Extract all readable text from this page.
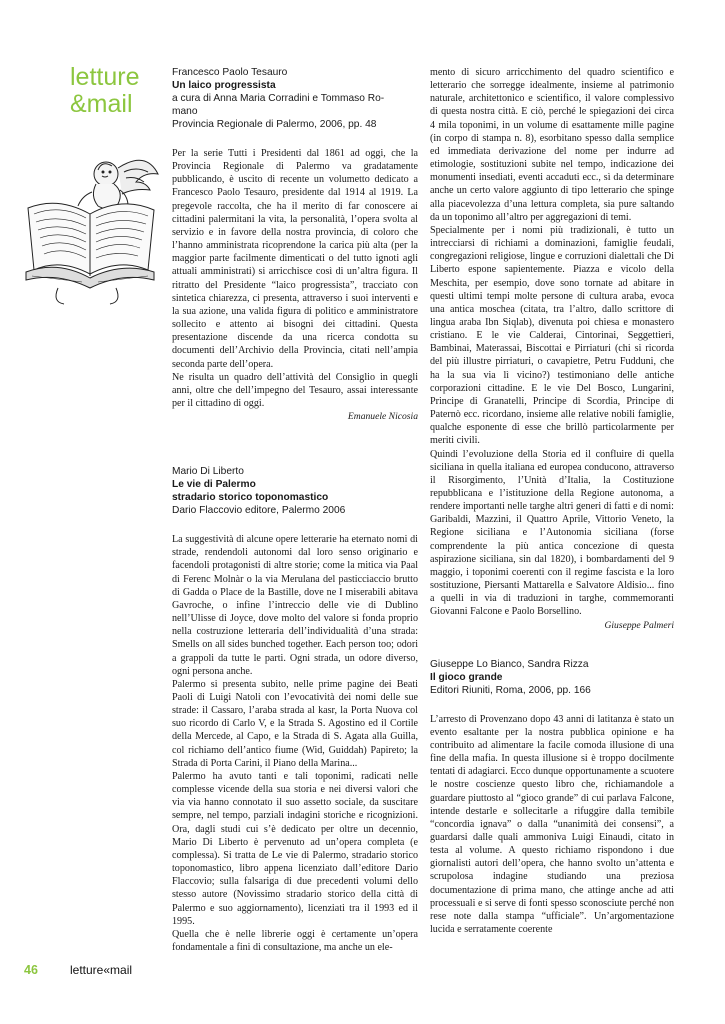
letture
&mail
Francesco Paolo Tesauro
Un laico progressista
a cura di Anna Maria Corradini e Tommaso Ro-
mano
Provincia Regionale di Palermo, 2006, pp. 48

Per la serie Tutti i Presidenti dal 1861 ad oggi, che la Provincia Regionale di Palermo va gradatamente pubblicando, è uscito di recente un volumetto dedicato a Francesco Paolo Tesauro, presidente dal 1914 al 1919. La pregevole raccolta, che ha il merito di far conoscere ai cittadini palermitani la vita, la personalità, l’opera svolta al servizio e in favore della nostra provincia, di coloro che l’hanno amministrata ricoprendone la carica più alta (per la maggior parte facilmente dimenticati o del tutto ignoti agli attuali amministrati) si arricchisce così di un’altra figura. Il ritratto del Presidente “laico progressista”, tracciato con sintetica chiarezza, ci presenta, attraverso i suoi interventi e la sua azione, una valida figura di politico e amministratore sollecito e attento ai bisogni dei cittadini. Questa presentazione discende da una ricerca condotta su documenti dell’Archivio della Provincia, citati nell’ampia seconda parte dell’opera.

Ne risulta un quadro dell’attività del Consiglio in quegli anni, oltre che dell’impegno del Tesauro, assai interessante per il cittadino di oggi.

Emanuele Nicosia
Mario Di Liberto
Le vie di Palermo
stradario storico toponomastico
Dario Flaccovio editore, Palermo 2006

La suggestività di alcune opere letterarie ha eternato nomi di strade, rendendoli autonomi dal loro senso originario e facendoli protagonisti di altre storie; come la mitica via Paal di Ferenc Molnàr o la via Merulana del pasticciaccio brutto di Gadda o Place de la Bastille, dove ne I miserabili abitava Gavroche, o infine l’intreccio delle vie di Dublino nell’Ulisse di Joyce, dove molto del valore si fonda proprio nella costruzione letteraria dell’individualità d’una strada: Smells on all sides bunched together. Each person too; odori a grappoli da tutte le parti. Ogni strada, un odore diverso, ogni persona anche.

Palermo si presenta subito, nelle prime pagine dei Beati Paoli di Luigi Natoli con l’evocatività dei nomi delle sue strade: il Cassaro, l’araba strada al kasr, la Porta Nuova col suo ricordo di Carlo V, e la Strada S. Agostino ed il Cortile della Mercede, al Capo, e la Strada di S. Agata alla Guilla, col richiamo dell’antico fiume (Wid, Guiddah) Papireto; la Strada di Porta Carini, il Piano della Marina...

Palermo ha avuto tanti e tali toponimi, radicati nelle complesse vicende della sua storia e nei diversi valori che via via hanno connotato il suo assetto sociale, da suscitare sempre, nel tempo, parziali indagini storiche e ricognizioni. Ora, dagli studi cui s’è dedicato per oltre un decennio, Mario Di Liberto è pervenuto ad un’opera completa (e complessa). Si tratta de Le vie di Palermo, stradario storico toponomastico, libro appena licenziato dall’editore Dario Flaccovio; sulla falsariga di due precedenti volumi dello stesso autore (Novissimo stradario storico della città di Palermo e suo aggiornamento), licenziati tra il 1993 ed il 1995.

Quella che è nelle librerie oggi è certamente un’opera fondamentale a fini di consultazione, ma anche un ele-

mento di sicuro arricchimento del quadro scientifico e letterario che sorregge idealmente, insieme al patrimonio naturale, architettonico e scientifico, il valore complessivo di questa nostra città. E ciò, perché le spiegazioni dei circa 4 mila toponimi, in un volume di esattamente mille pagine (in corpo di stampa n. 8), esorbitano spesso dalla semplice ed immediata derivazione del nome per indurre ad etimologie, sostituzioni subite nel tempo, indicazione dei monumenti insediati, eventi accaduti ecc., sì da determinare anche un certo valore aggiunto di tipo letterario che spinge alla piacevolezza d’una lettura completa, sia pure saltando da un toponimo all’altro per aggregazioni di temi.

Specialmente per i nomi più tradizionali, è tutto un intrecciarsi di richiami a dominazioni, famiglie feudali, congregazioni religiose, lingue e corruzioni dialettali che Di Liberto espone sapientemente. Piazza e vicolo della Meschita, per esempio, dove sono tornate ad abitare in questi ultimi tempi molte persone di cultura araba, evoca una antica moschea (citata, tra l’altro, dallo scrittore di lingua araba Ibn Siqlab), divenuta poi chiesa e monastero cristiano. E le vie Calderai, Cintorinai, Seggettieri, Bambinai, Materassai, Biscottai e Pirriaturi (chi si ricorda del più illustre pirriaturi, o cavapietre, Petru Fudduni, che ha la sua via lì vicino?) testimoniano delle antiche corporazioni cittadine. E le vie Del Bosco, Lungarini, Principe di Granatelli, Principe di Scordia, Principe di Paternò ecc. ricordano, insieme alle relative nobili famiglie, qualche esponente di esse che brillò particolarmente per meriti civili.

Quindi l’evoluzione della Storia ed il confluire di quella siciliana in quella italiana ed europea conducono, attraverso il Risorgimento, l’Unità d’Italia, la Costituzione repubblicana e l’istituzione della Regione autonoma, a rendere importanti nelle targhe altri generi di fatti e di nomi: Garibaldi, Mazzini, il Quattro Aprile, Vittorio Veneto, la Regione siciliana e l’Autonomia siciliana (forse comprendente la più antica concezione di questa aspirazione siciliana, sin dal 1820), i bombardamenti del 9 maggio, i toponimi coerenti con il regime fascista e la loro sostituzione, Piersanti Mattarella e Salvatore Aldisio... fino a quelli in via di traduzioni in targhe, commemoranti Giovanni Falcone e Paolo Borsellino.

Giuseppe Palmeri
Giuseppe Lo Bianco, Sandra Rizza
Il gioco grande
Editori Riuniti, Roma, 2006, pp. 166

L’arresto di Provenzano dopo 43 anni di latitanza è stato un evento esaltante per la nostra pubblica opinione e ha contribuito ad alimentare la facile comoda illusione di una fine della mafia. In questa illusione si è troppo docilmente tentati di adagiarci. Ecco dunque opportunamente a scuotere le nostre coscienze questo libro che, richiamandole a guardare piuttosto al “gioco grande” di cui parlava Falcone, intende destarle e sollecitarle a rifuggire dalla temibile “concordia ignava” o dalla “unanimità dei consensi”, a guardarsi dalle quali ammoniva Luigi Einaudi, citato in testa al volume. A questo richiamo rispondono i due giornalisti autori dell’opera, che hanno svolto un’attenta e scrupolosa indagine studiando una preziosa documentazione di prima mano, che attinge anche ad atti processuali e si serve di fonti spesso sconosciute perché non rese note dalla stampa “ufficiale”. Un’argomentazione lucida e serratamente coerente

46	letture«mail
